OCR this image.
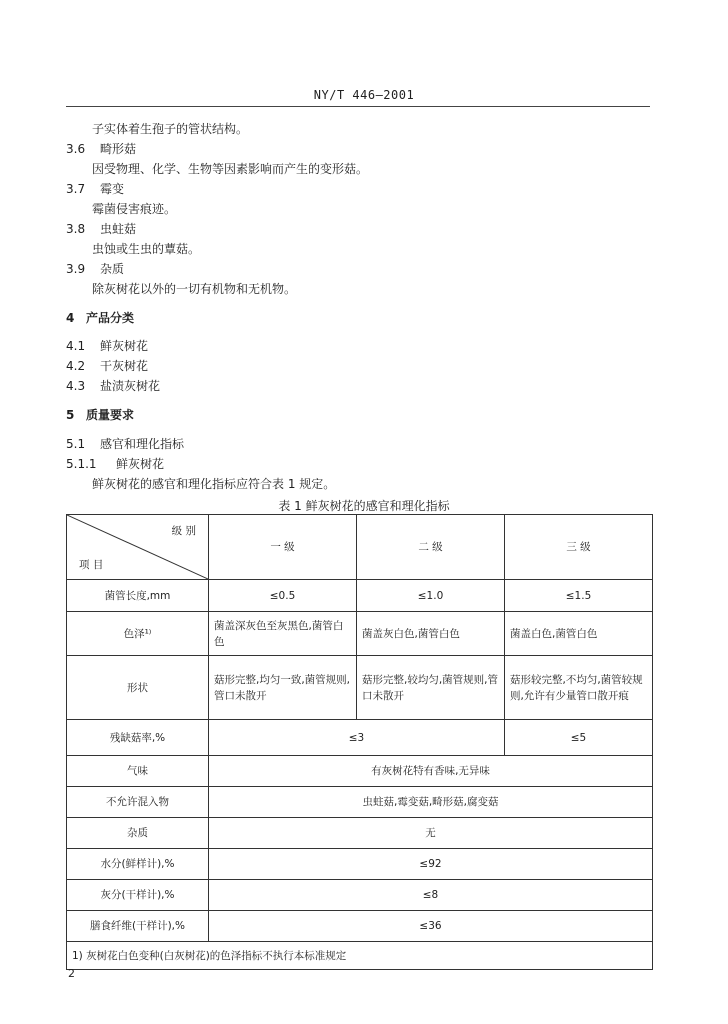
NY/T 446—2001
子实体着生孢子的管状结构。
3.6 畸形菇
因受物理、化学、生物等因素影响而产生的变形菇。
3.7 霉变
霉菌侵害痕迹。
3.8 虫蛀菇
虫蚀或生虫的蕈菇。
3.9 杂质
除灰树花以外的一切有机物和无机物。
4 产品分类
4.1 鲜灰树花
4.2 干灰树花
4.3 盐渍灰树花
5 质量要求
5.1 感官和理化指标
5.1.1 鲜灰树花
鲜灰树花的感官和理化指标应符合表 1 规定。
表 1 鲜灰树花的感官和理化指标
级 别
项 目	一 级	二 级	三 级
菌管长度,mm	≤0.5	≤1.0	≤1.5
色泽¹⁾	菌盖深灰色至灰黑色,菌管白色	菌盖灰白色,菌管白色	菌盖白色,菌管白色
形状	菇形完整,均匀一致,菌管规则,管口未散开	菇形完整,较均匀,菌管规则,管口未散开	菇形较完整,不均匀,菌管较规则,允许有少量管口散开痕
残缺菇率,%	≤3		≤5
气味	有灰树花特有香味,无异味		
不允许混入物	虫蛀菇,霉变菇,畸形菇,腐变菇		
杂质	无		
水分(鲜样计),%	≤92		
灰分(干样计),%	≤8		
膳食纤维(干样计),%	≤36		
1) 灰树花白色变种(白灰树花)的色泽指标不执行本标准规定			
2
